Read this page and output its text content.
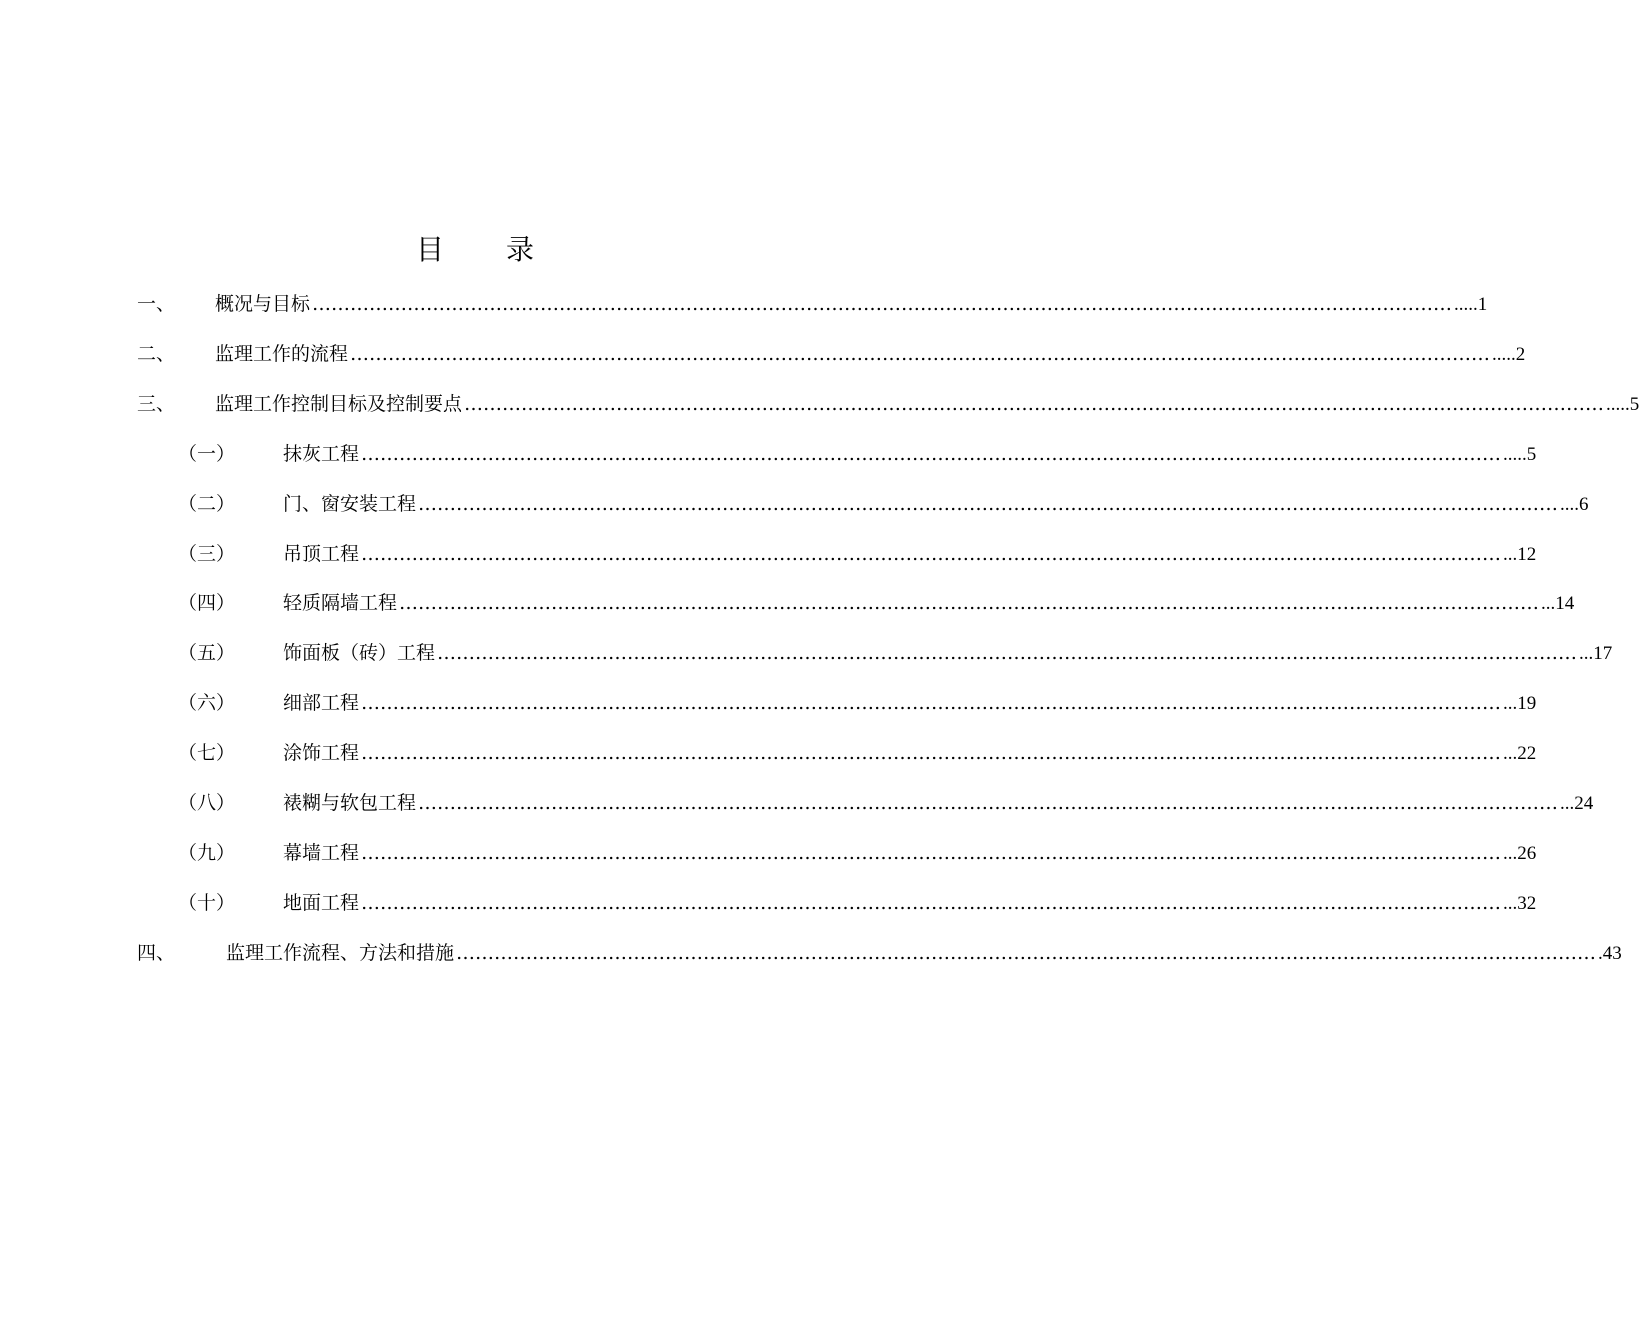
目 录
一、	概况与目标 ……………………………………………………………………………………………………………………………………………………………… .....1
二、	监理工作的流程 ……………………………………………………………………………………………………………………………………………………………… .....2
三、	监理工作控制目标及控制要点 ……………………………………………………………………………………………………………………………………………………………… .....5
（一）	抹灰工程 ……………………………………………………………………………………………………………………………………………………………… .....5
（二）	门、窗安装工程 ……………………………………………………………………………………………………………………………………………………………… ....6
（三）	吊顶工程 ……………………………………………………………………………………………………………………………………………………………… ...12
（四）	轻质隔墙工程 ……………………………………………………………………………………………………………………………………………………………… ...14
（五）	饰面板（砖）工程 ……………………………………………………………………………………………………………………………………………………………… ...17
（六）	细部工程 ……………………………………………………………………………………………………………………………………………………………… ...19
（七）	涂饰工程 ……………………………………………………………………………………………………………………………………………………………… ...22
（八）	裱糊与软包工程 ……………………………………………………………………………………………………………………………………………………………… ...24
（九）	幕墙工程 ……………………………………………………………………………………………………………………………………………………………… ...26
（十）	地面工程 ……………………………………………………………………………………………………………………………………………………………… ...32
四、	监理工作流程、方法和措施 ……………………………………………………………………………………………………………………………………………………………… .43
